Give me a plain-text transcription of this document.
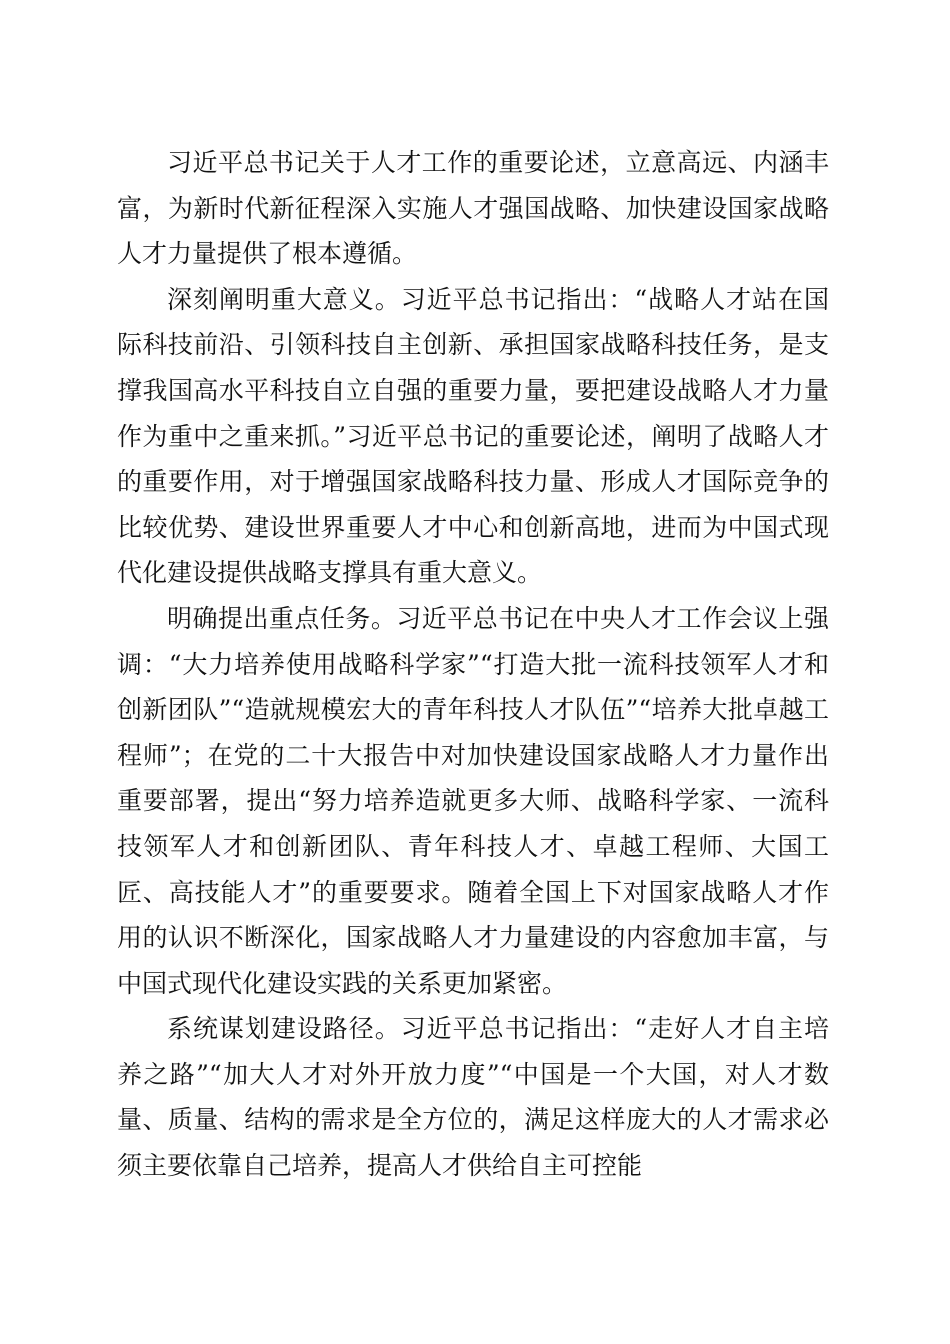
习近平总书记关于人才工作的重要论述，立意高远、内涵丰富，为新时代新征程深入实施人才强国战略、加快建设国家战略人才力量提供了根本遵循。

深刻阐明重大意义。习近平总书记指出：“战略人才站在国际科技前沿、引领科技自主创新、承担国家战略科技任务，是支撑我国高水平科技自立自强的重要力量，要把建设战略人才力量作为重中之重来抓。”习近平总书记的重要论述，阐明了战略人才的重要作用，对于增强国家战略科技力量、形成人才国际竞争的比较优势、建设世界重要人才中心和创新高地，进而为中国式现代化建设提供战略支撑具有重大意义。

明确提出重点任务。习近平总书记在中央人才工作会议上强调：“大力培养使用战略科学家”“打造大批一流科技领军人才和创新团队”“造就规模宏大的青年科技人才队伍”“培养大批卓越工程师”；在党的二十大报告中对加快建设国家战略人才力量作出重要部署，提出“努力培养造就更多大师、战略科学家、一流科技领军人才和创新团队、青年科技人才、卓越工程师、大国工匠、高技能人才”的重要要求。随着全国上下对国家战略人才作用的认识不断深化，国家战略人才力量建设的内容愈加丰富，与中国式现代化建设实践的关系更加紧密。

系统谋划建设路径。习近平总书记指出：“走好人才自主培养之路”“加大人才对外开放力度”“中国是一个大国，对人才数量、质量、结构的需求是全方位的，满足这样庞大的人才需求必须主要依靠自己培养，提高人才供给自主可控能
